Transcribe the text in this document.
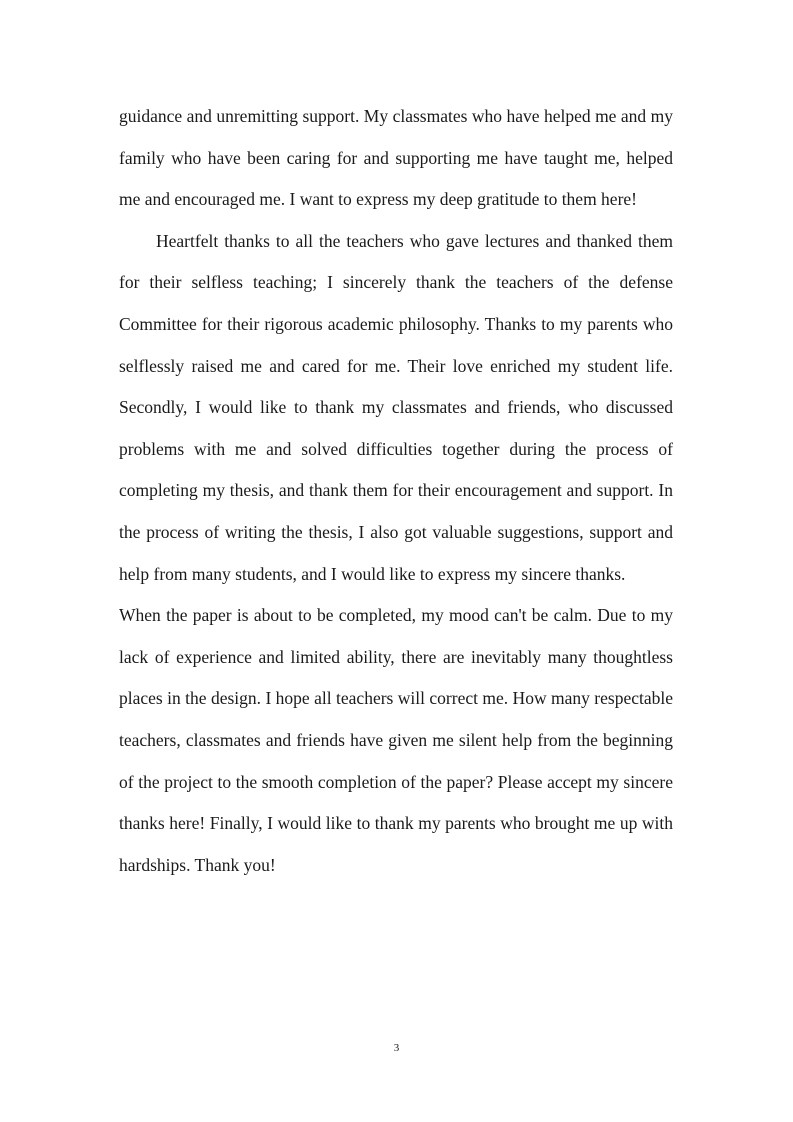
guidance and unremitting support. My classmates who have helped me and my family who have been caring for and supporting me have taught me, helped me and encouraged me. I want to express my deep gratitude to them here!

Heartfelt thanks to all the teachers who gave lectures and thanked them for their selfless teaching; I sincerely thank the teachers of the defense Committee for their rigorous academic philosophy. Thanks to my parents who selflessly raised me and cared for me. Their love enriched my student life. Secondly, I would like to thank my classmates and friends, who discussed problems with me and solved difficulties together during the process of completing my thesis, and thank them for their encouragement and support. In the process of writing the thesis, I also got valuable suggestions, support and help from many students, and I would like to express my sincere thanks.

When the paper is about to be completed, my mood can't be calm. Due to my lack of experience and limited ability, there are inevitably many thoughtless places in the design. I hope all teachers will correct me. How many respectable teachers, classmates and friends have given me silent help from the beginning of the project to the smooth completion of the paper? Please accept my sincere thanks here! Finally, I would like to thank my parents who brought me up with hardships. Thank you!

3
